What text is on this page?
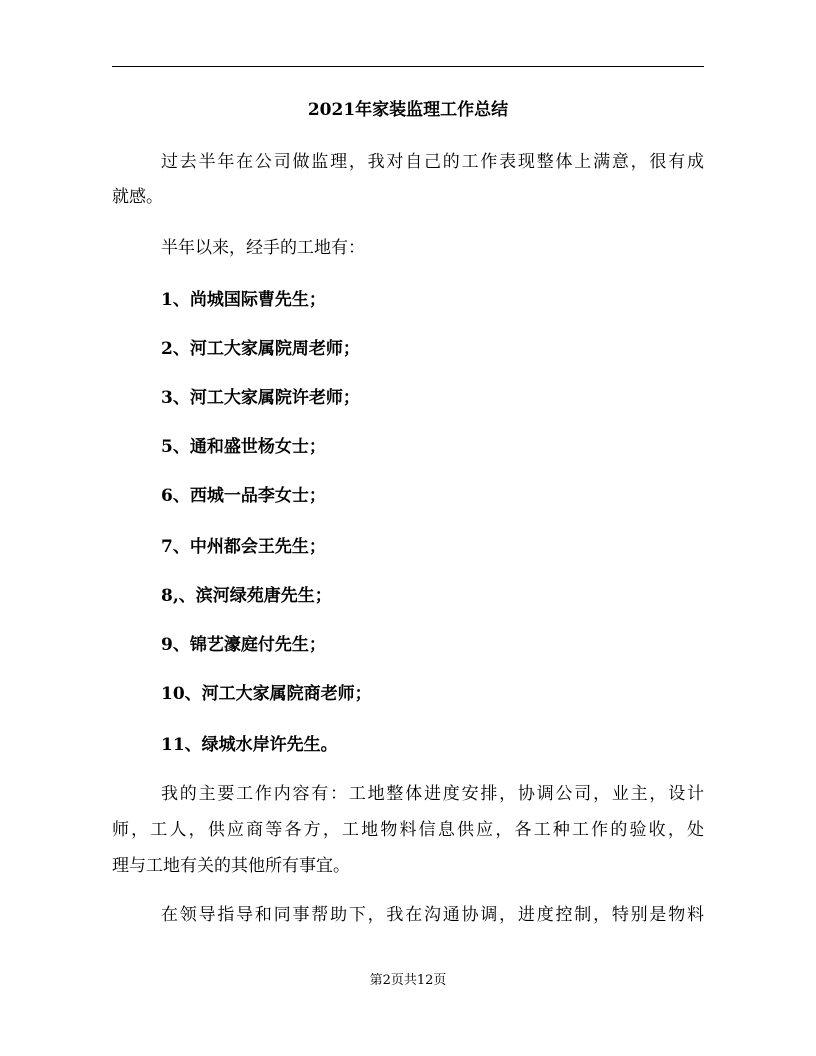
2021年家装监理工作总结
过去半年在公司做监理，我对自己的工作表现整体上满意，很有成
就感。
半年以来，经手的工地有：
1、尚城国际曹先生；
2、河工大家属院周老师；
3、河工大家属院许老师；
5、通和盛世杨女士；
6、西城一品李女士；
7、中州都会王先生；
8,、滨河绿苑唐先生；
9、锦艺濠庭付先生；
10、河工大家属院商老师；
11、绿城水岸许先生。
我的主要工作内容有：工地整体进度安排，协调公司，业主，设计
师，工人，供应商等各方，工地物料信息供应，各工种工作的验收，处
理与工地有关的其他所有事宜。
在领导指导和同事帮助下，我在沟通协调，进度控制，特别是物料
第2页共12页
